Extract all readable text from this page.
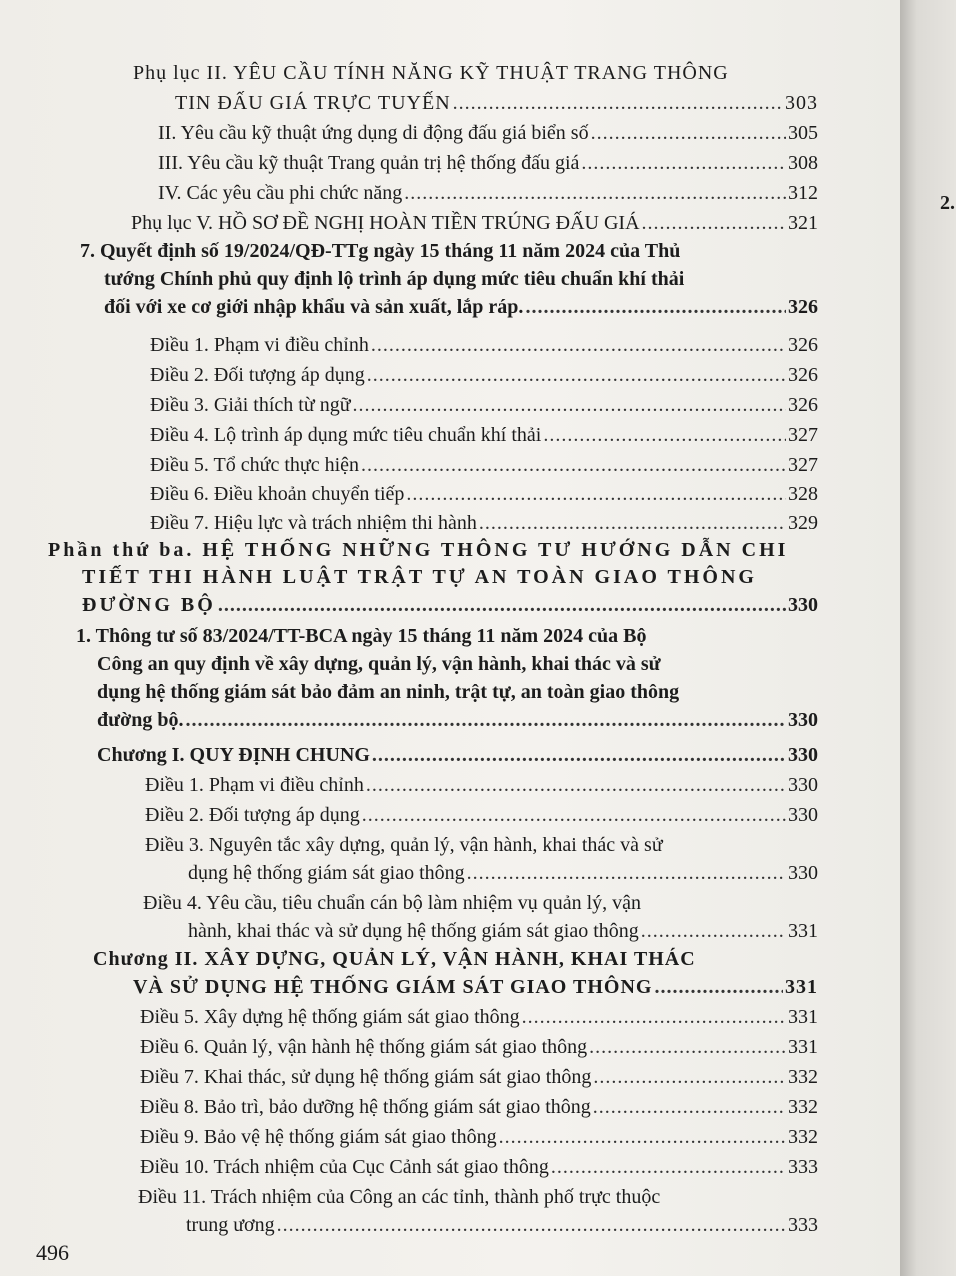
2.
Phụ lục II. YÊU CẦU TÍNH NĂNG KỸ THUẬT TRANG THÔNG
TIN ĐẤU GIÁ TRỰC TUYẾN .....	303
II. Yêu cầu kỹ thuật ứng dụng di động đấu giá biển số .....	305
III. Yêu cầu kỹ thuật Trang quản trị hệ thống đấu giá .....	308
IV. Các yêu cầu phi chức năng .....	312
Phụ lục V. HỒ SƠ ĐỀ NGHỊ HOÀN TIỀN TRÚNG ĐẤU GIÁ .....	321
7. Quyết định số 19/2024/QĐ-TTg ngày 15 tháng 11 năm 2024 của Thủ
tướng Chính phủ quy định lộ trình áp dụng mức tiêu chuẩn khí thải
đối với xe cơ giới nhập khẩu và sản xuất, lắp ráp. .....	326
Điều 1. Phạm vi điều chỉnh .....	326
Điều 2. Đối tượng áp dụng .....	326
Điều 3. Giải thích từ ngữ .....	326
Điều 4. Lộ trình áp dụng mức tiêu chuẩn khí thải .....	327
Điều 5. Tổ chức thực hiện .....	327
Điều 6. Điều khoản chuyển tiếp .....	328
Điều 7. Hiệu lực và trách nhiệm thi hành .....	329
Phần thứ ba. HỆ THỐNG NHỮNG THÔNG TƯ HƯỚNG DẪN CHI
TIẾT THI HÀNH LUẬT TRẬT TỰ AN TOÀN GIAO THÔNG
ĐƯỜNG BỘ .....	330
1. Thông tư số 83/2024/TT-BCA ngày 15 tháng 11 năm 2024 của Bộ
Công an quy định về xây dựng, quản lý, vận hành, khai thác và sử
dụng hệ thống giám sát bảo đảm an ninh, trật tự, an toàn giao thông
đường bộ. .....	330
Chương I. QUY ĐỊNH CHUNG .....	330
Điều 1. Phạm vi điều chỉnh .....	330
Điều 2. Đối tượng áp dụng .....	330
Điều 3. Nguyên tắc xây dựng, quản lý, vận hành, khai thác và sử
dụng hệ thống giám sát giao thông .....	330
Điều 4. Yêu cầu, tiêu chuẩn cán bộ làm nhiệm vụ quản lý, vận
hành, khai thác và sử dụng hệ thống giám sát giao thông .....	331
Chương II. XÂY DỰNG, QUẢN LÝ, VẬN HÀNH, KHAI THÁC
VÀ SỬ DỤNG HỆ THỐNG GIÁM SÁT GIAO THÔNG .....	331
Điều 5. Xây dựng hệ thống giám sát giao thông .....	331
Điều 6. Quản lý, vận hành hệ thống giám sát giao thông .....	331
Điều 7. Khai thác, sử dụng hệ thống giám sát giao thông .....	332
Điều 8. Bảo trì, bảo dưỡng hệ thống giám sát giao thông .....	332
Điều 9. Bảo vệ hệ thống giám sát giao thông .....	332
Điều 10. Trách nhiệm của Cục Cảnh sát giao thông .....	333
Điều 11. Trách nhiệm của Công an các tỉnh, thành phố trực thuộc
trung ương .....	333
496
